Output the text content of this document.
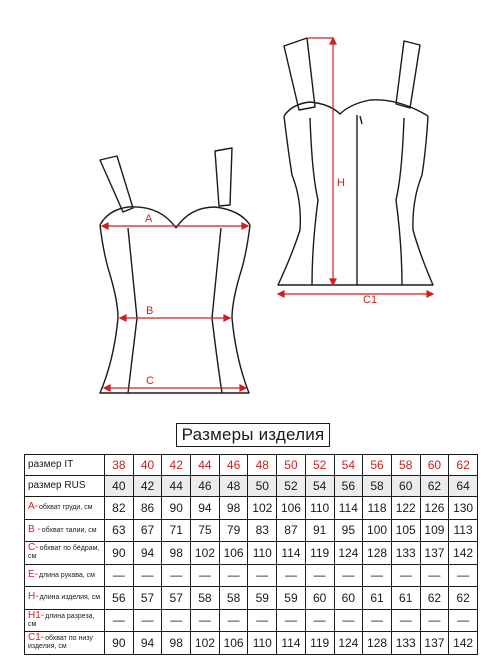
A
B
C
H
C1
Размеры изделия
размер IT	38	40	42	44	46	48	50	52	54	56	58	60	62
размер RUS	40	42	44	46	48	50	52	54	56	58	60	62	64
A-обхват груди, см	82	86	90	94	98	102	106	110	114	118	122	126	130
B -обхват талии, см	63	67	71	75	79	83	87	91	95	100	105	109	113
C-обхват по бёдрам, см	90	94	98	102	106	110	114	119	124	128	133	137	142
E-длина рукава, см	—	—	—	—	—	—	—	—	—	—	—	—	—
H-длина изделия, см	56	57	57	58	58	59	59	60	60	61	61	62	62
H1-длина разреза, см	—	—	—	—	—	—	—	—	—	—	—	—	—
C1-обхват по низу изделия, см	90	94	98	102	106	110	114	119	124	128	133	137	142
